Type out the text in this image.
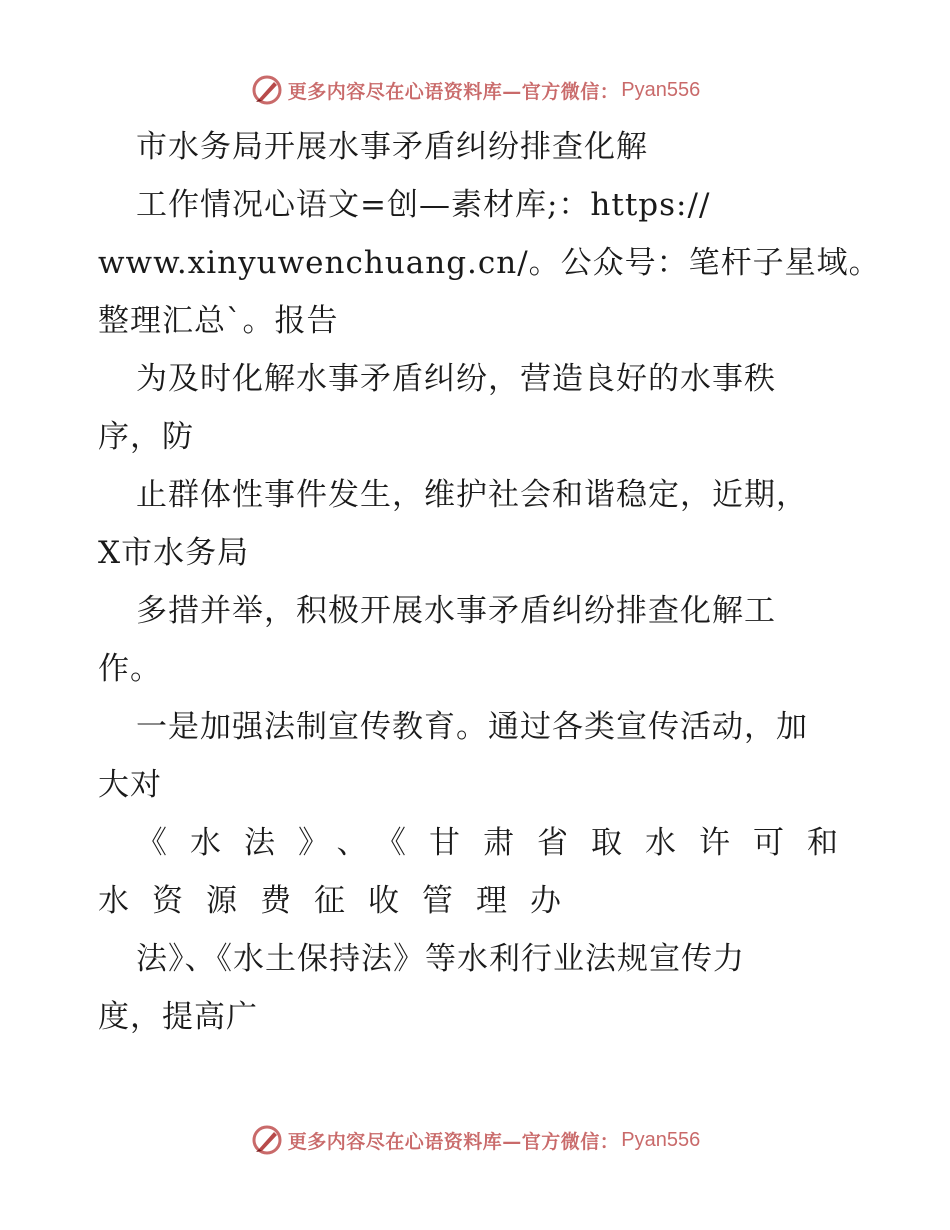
更多内容尽在心语资料库—官方微信： Pyan556
市水务局开展水事矛盾纠纷排查化解
工作情况心语文=创—素材库;：https://
www.xinyuwenchuang.cn/。公众号：笔杆子星域。
整理汇总`。报告
为及时化解水事矛盾纠纷，营造良好的水事秩
序，防
止群体性事件发生，维护社会和谐稳定，近期，
X市水务局
多措并举，积极开展水事矛盾纠纷排查化解工
作。
一是加强法制宣传教育。通过各类宣传活动，加
大对
《水法》、《甘肃省取水许可和
水资源费征收管理办
法》、《水土保持法》等水利行业法规宣传力
度，提高广
更多内容尽在心语资料库—官方微信： Pyan556
